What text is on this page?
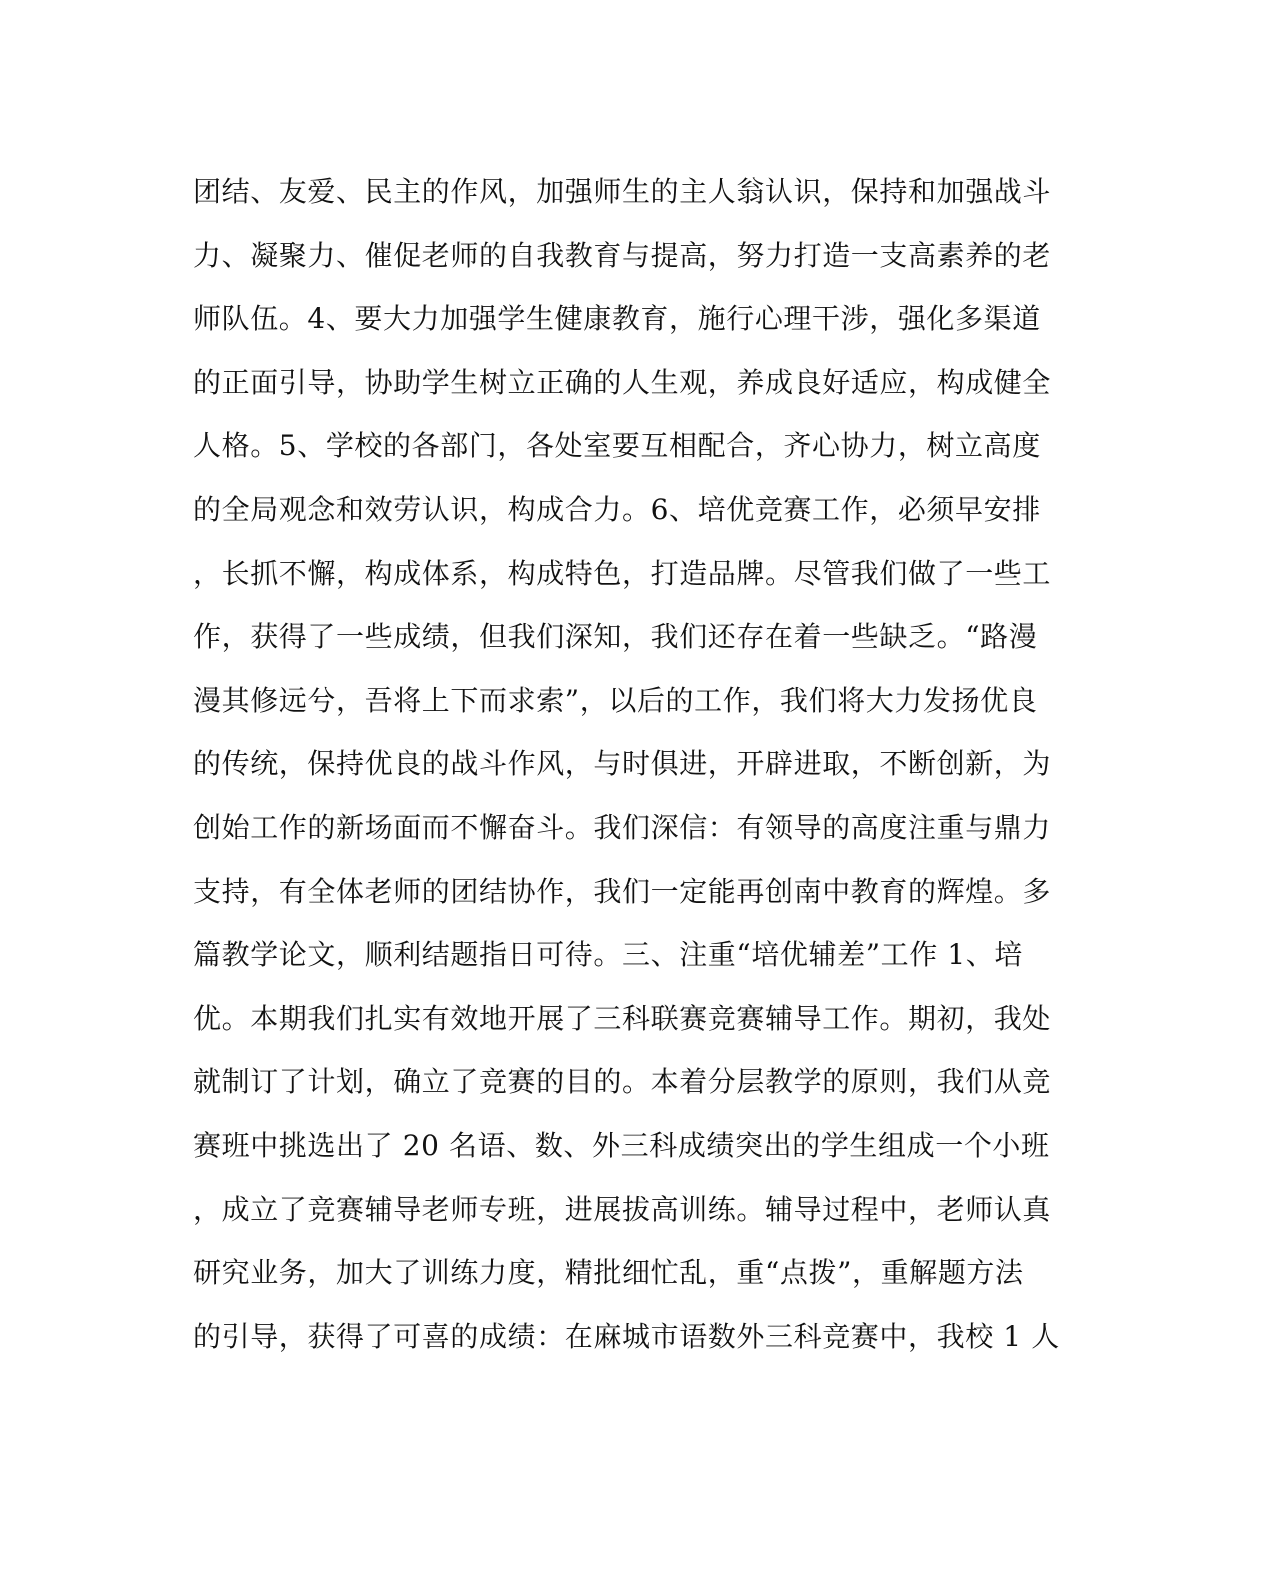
团结、友爱、民主的作风，加强师生的主人翁认识，保持和加强战斗
力、凝聚力、催促老师的自我教育与提高，努力打造一支高素养的老
师队伍。4、要大力加强学生健康教育，施行心理干涉，强化多渠道
的正面引导，协助学生树立正确的人生观，养成良好适应，构成健全
人格。5、学校的各部门，各处室要互相配合，齐心协力，树立高度
的全局观念和效劳认识，构成合力。6、培优竞赛工作，必须早安排
，长抓不懈，构成体系，构成特色，打造品牌。尽管我们做了一些工
作，获得了一些成绩，但我们深知，我们还存在着一些缺乏。“路漫
漫其修远兮，吾将上下而求索”，以后的工作，我们将大力发扬优良
的传统，保持优良的战斗作风，与时俱进，开辟进取，不断创新，为
创始工作的新场面而不懈奋斗。我们深信：有领导的高度注重与鼎力
支持，有全体老师的团结协作，我们一定能再创南中教育的辉煌。多
篇教学论文，顺利结题指日可待。三、注重“培优辅差”工作 1、培
优。本期我们扎实有效地开展了三科联赛竞赛辅导工作。期初，我处
就制订了计划，确立了竞赛的目的。本着分层教学的原则，我们从竞
赛班中挑选出了 20 名语、数、外三科成绩突出的学生组成一个小班
，成立了竞赛辅导老师专班，进展拔高训练。辅导过程中，老师认真
研究业务，加大了训练力度，精批细忙乱，重“点拨”，重解题方法
的引导，获得了可喜的成绩：在麻城市语数外三科竞赛中，我校 1 人
